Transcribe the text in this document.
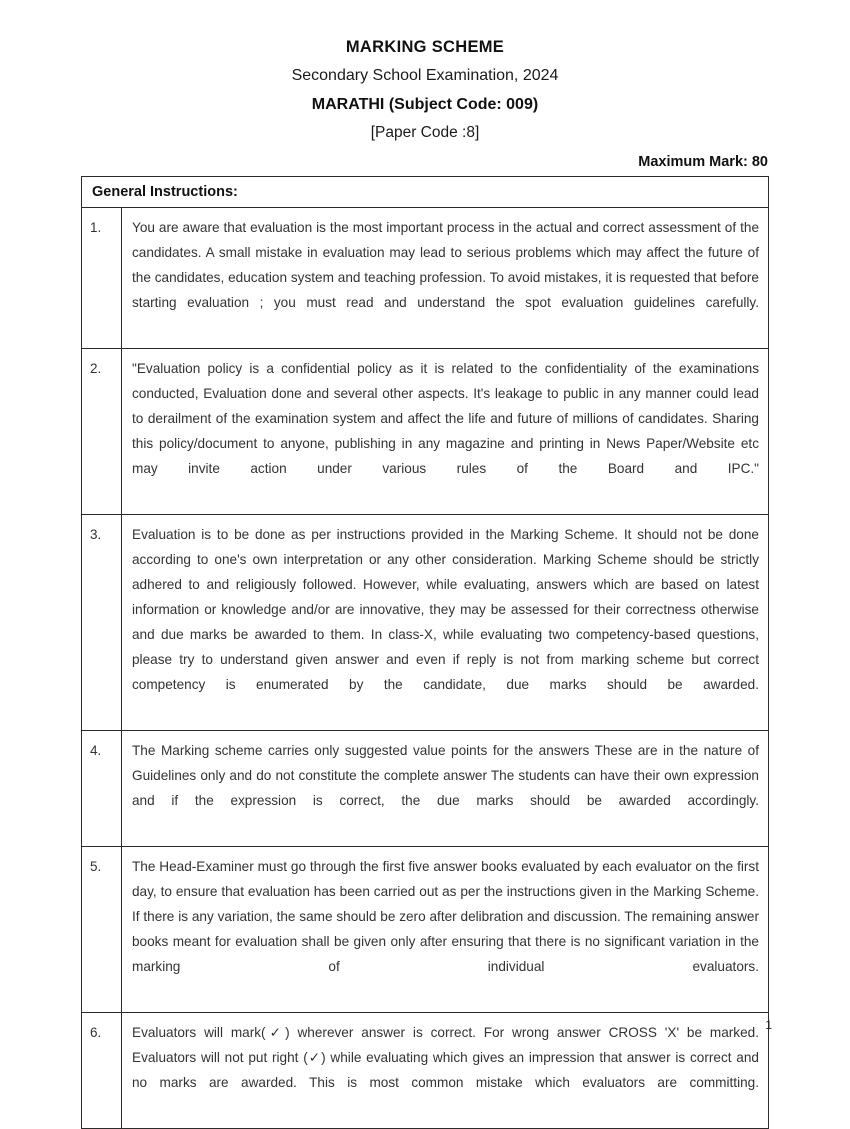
MARKING SCHEME
Secondary School Examination, 2024
MARATHI (Subject Code: 009)
[Paper Code :8]
Maximum Mark: 80
General Instructions:
1.	You are aware that evaluation is the most important process in the actual and correct assessment of the candidates. A small mistake in evaluation may lead to serious problems which may affect the future of the candidates, education system and teaching profession. To avoid mistakes, it is requested that before starting evaluation ; you must read and understand the spot evaluation guidelines carefully.
2.	"Evaluation policy is a confidential policy as it is related to the confidentiality of the examinations conducted, Evaluation done and several other aspects. It's leakage to public in any manner could lead to derailment of the examination system and affect the life and future of millions of candidates. Sharing this policy/document to anyone, publishing in any magazine and printing in News Paper/Website etc may invite action under various rules of the Board and IPC."
3.	Evaluation is to be done as per instructions provided in the Marking Scheme. It should not be done according to one's own interpretation or any other consideration. Marking Scheme should be strictly adhered to and religiously followed. However, while evaluating, answers which are based on latest information or knowledge and/or are innovative, they may be assessed for their correctness otherwise and due marks be awarded to them. In class-X, while evaluating two competency-based questions, please try to understand given answer and even if reply is not from marking scheme but correct competency is enumerated by the candidate, due marks should be awarded.
4.	The Marking scheme carries only suggested value points for the answers These are in the nature of Guidelines only and do not constitute the complete answer The students can have their own expression and if the expression is correct, the due marks should be awarded accordingly.
5.	The Head-Examiner must go through the first five answer books evaluated by each evaluator on the first day, to ensure that evaluation has been carried out as per the instructions given in the Marking Scheme. If there is any variation, the same should be zero after delibration and discussion. The remaining answer books meant for evaluation shall be given only after ensuring that there is no significant variation in the marking of individual evaluators.
6.	Evaluators will mark(✓) wherever answer is correct. For wrong answer CROSS 'X' be marked. Evaluators will not put right (✓) while evaluating which gives an impression that answer is correct and no marks are awarded. This is most common mistake which evaluators are committing.
1
